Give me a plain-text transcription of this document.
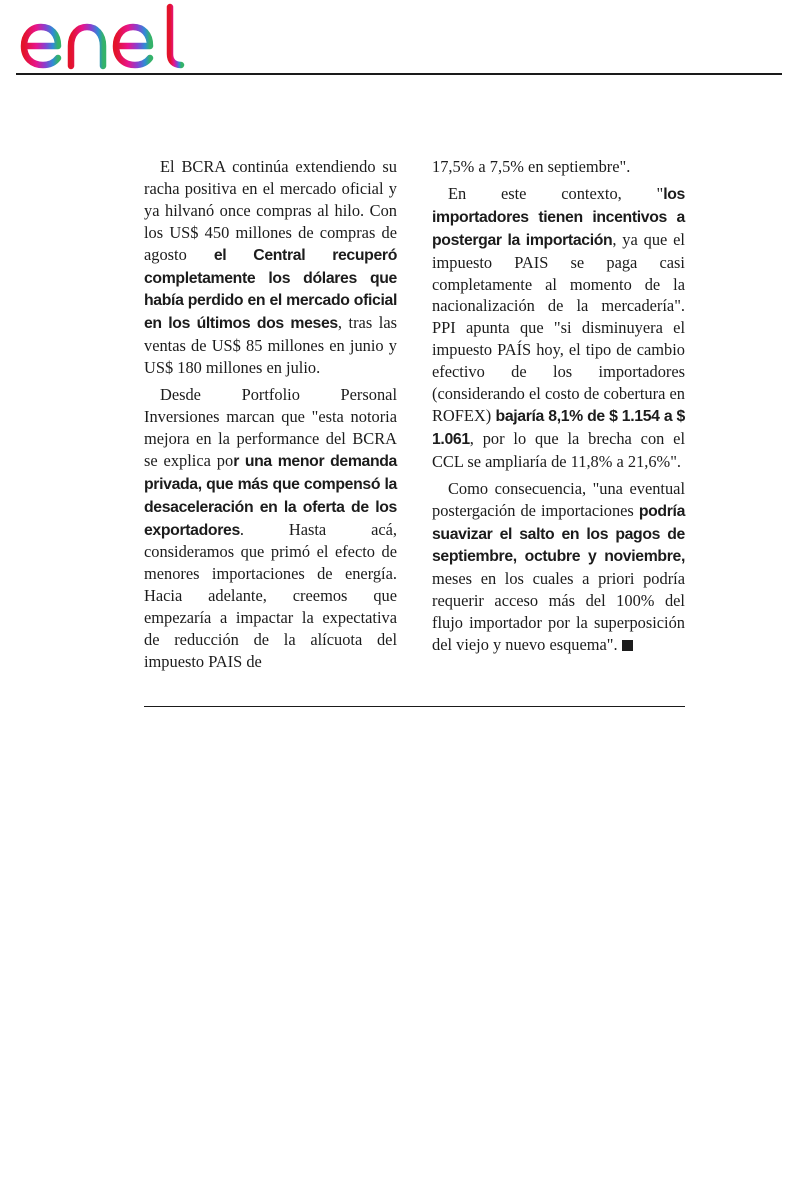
El BCRA continúa extendiendo su racha positiva en el mercado oficial y ya hilvanó once compras al hilo. Con los US$ 450 millones de compras de agosto el Central recuperó completamente los dólares que había perdido en el mercado oficial en los últimos dos meses, tras las ventas de US$ 85 millones en junio y US$ 180 millones en julio.

Desde Portfolio Personal Inversiones marcan que "esta notoria mejora en la performance del BCRA se explica por una menor demanda privada, que más que compensó la desaceleración en la oferta de los exportadores. Hasta acá, consideramos que primó el efecto de menores importaciones de energía. Hacia adelante, creemos que empezaría a impactar la expectativa de reducción de la alícuota del impuesto PAIS de

17,5% a 7,5% en septiembre".

En este contexto, "los importadores tienen incentivos a postergar la importación, ya que el impuesto PAIS se paga casi completamente al momento de la nacionalización de la mercadería". PPI apunta que "si disminuyera el impuesto PAÍS hoy, el tipo de cambio efectivo de los importadores (considerando el costo de cobertura en ROFEX) bajaría 8,1% de $ 1.154 a $ 1.061, por lo que la brecha con el CCL se ampliaría de 11,8% a 21,6%".

Como consecuencia, "una eventual postergación de importaciones podría suavizar el salto en los pagos de septiembre, octubre y noviembre, meses en los cuales a priori podría requerir acceso más del 100% del flujo importador por la superposición del viejo y nuevo esquema".
